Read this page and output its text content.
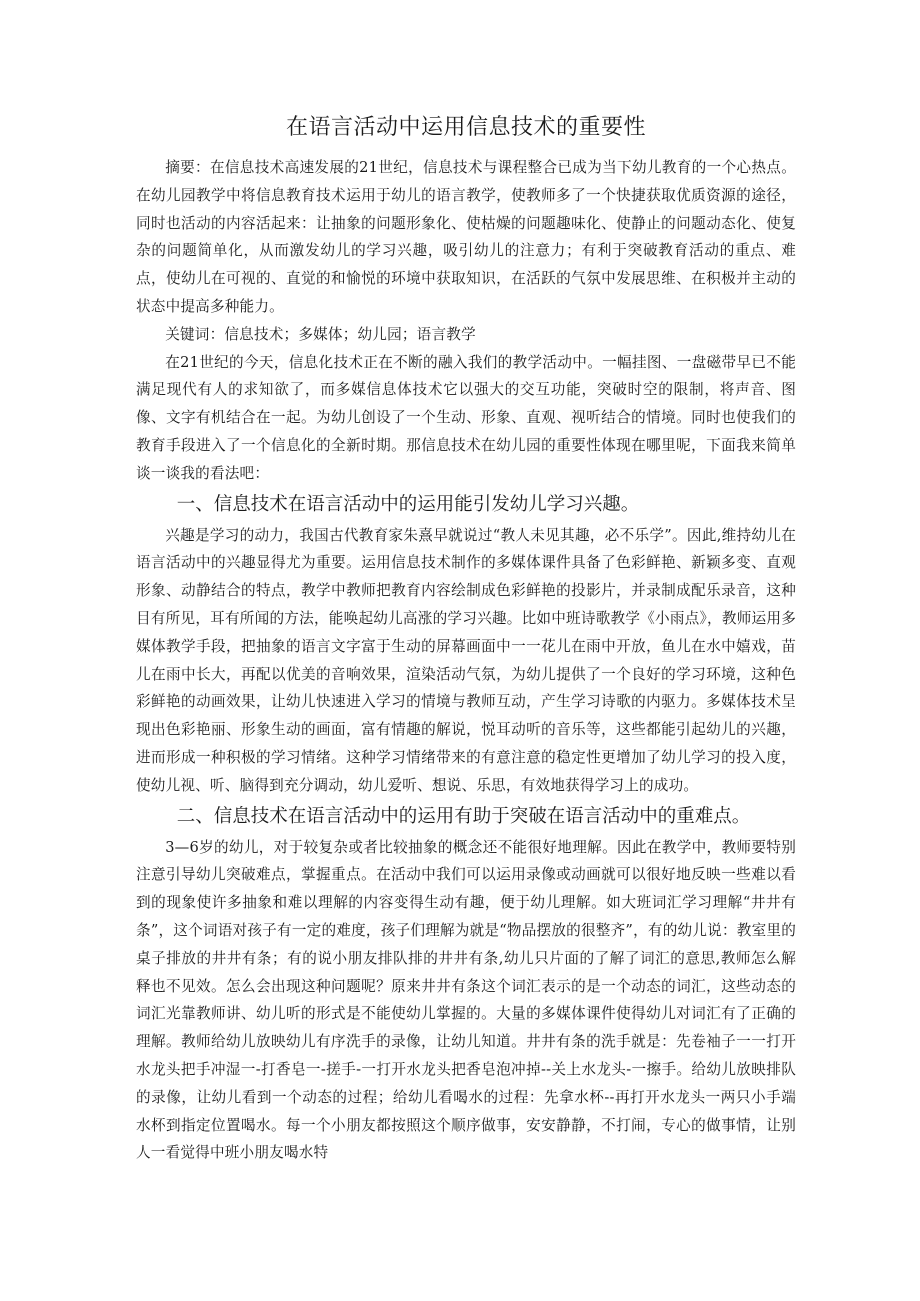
在语言活动中运用信息技术的重要性

摘要：在信息技术高速发展的21世纪，信息技术与课程整合已成为当下幼儿教育的一个心热点。在幼儿园教学中将信息教育技术运用于幼儿的语言教学，使教师多了一个快捷获取优质资源的途径，同时也活动的内容活起来：让抽象的问题形象化、使枯燥的问题趣味化、使静止的问题动态化、使复杂的问题简单化，从而激发幼儿的学习兴趣，吸引幼儿的注意力；有利于突破教育活动的重点、难点，使幼儿在可视的、直觉的和愉悦的环境中获取知识，在活跃的气氛中发展思维、在积极并主动的状态中提高多种能力。

关键词：信息技术；多媒体；幼儿园；语言教学

在21世纪的今天，信息化技术正在不断的融入我们的教学活动中。一幅挂图、一盘磁带早已不能满足现代有人的求知欲了，而多媒信息体技术它以强大的交互功能，突破时空的限制，将声音、图像、文字有机结合在一起。为幼儿创设了一个生动、形象、直观、视听结合的情境。同时也使我们的教育手段进入了一个信息化的全新时期。那信息技术在幼儿园的重要性体现在哪里呢，下面我来简单谈一谈我的看法吧：

一、信息技术在语言活动中的运用能引发幼儿学习兴趣。

兴趣是学习的动力，我国古代教育家朱熹早就说过“教人未见其趣，必不乐学”。因此,维持幼儿在语言活动中的兴趣显得尤为重要。运用信息技术制作的多媒体课件具备了色彩鲜艳、新颖多变、直观形象、动静结合的特点，教学中教师把教育内容绘制成色彩鲜艳的投影片，并录制成配乐录音，这种目有所见，耳有所闻的方法，能唤起幼儿高涨的学习兴趣。比如中班诗歌教学《小雨点》，教师运用多媒体教学手段，把抽象的语言文字富于生动的屏幕画面中一一花儿在雨中开放，鱼儿在水中嬉戏，苗儿在雨中长大，再配以优美的音响效果，渲染活动气氛，为幼儿提供了一个良好的学习环境，这种色彩鲜艳的动画效果，让幼儿快速进入学习的情境与教师互动，产生学习诗歌的内驱力。多媒体技术呈现出色彩艳丽、形象生动的画面，富有情趣的解说，悦耳动听的音乐等，这些都能引起幼儿的兴趣，进而形成一种积极的学习情绪。这种学习情绪带来的有意注意的稳定性更增加了幼儿学习的投入度，使幼儿视、听、脑得到充分调动，幼儿爱听、想说、乐思，有效地获得学习上的成功。

二、信息技术在语言活动中的运用有助于突破在语言活动中的重难点。

3—6岁的幼儿，对于较复杂或者比较抽象的概念还不能很好地理解。因此在教学中，教师要特别注意引导幼儿突破难点，掌握重点。在活动中我们可以运用录像或动画就可以很好地反映一些难以看到的现象使许多抽象和难以理解的内容变得生动有趣，便于幼儿理解。如大班词汇学习理解“井井有条”，这个词语对孩子有一定的难度，孩子们理解为就是“物品摆放的很整齐”，有的幼儿说：教室里的桌子排放的井井有条；有的说小朋友排队排的井井有条,幼儿只片面的了解了词汇的意思,教师怎么解释也不见效。怎么会出现这种问题呢？原来井井有条这个词汇表示的是一个动态的词汇，这些动态的词汇光靠教师讲、幼儿听的形式是不能使幼儿掌握的。大量的多媒体课件使得幼儿对词汇有了正确的理解。教师给幼儿放映幼儿有序洗手的录像，让幼儿知道。井井有条的洗手就是：先卷袖子一一打开水龙头把手冲湿一-打香皂一-搓手-一打开水龙头把香皂泡冲掉--关上水龙头-一擦手。给幼儿放映排队的录像，让幼儿看到一个动态的过程；给幼儿看喝水的过程：先拿水杯--再打开水龙头一两只小手端水杯到指定位置喝水。每一个小朋友都按照这个顺序做事，安安静静，不打闹，专心的做事情，让别人一看觉得中班小朋友喝水特
